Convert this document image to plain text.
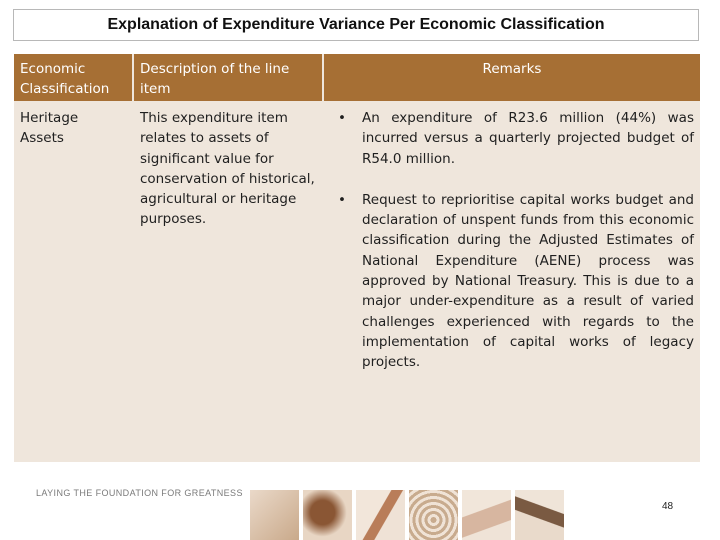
Explanation of Expenditure Variance Per Economic Classification
Economic Classification
Description of the line item
Remarks
Heritage Assets
This expenditure item relates to assets of significant value for conservation of historical, agricultural or heritage purposes.
• An expenditure of R23.6 million (44%) was incurred versus a quarterly projected budget of R54.0 million.
• Request to reprioritise capital works budget and declaration of unspent funds from this economic classification during the Adjusted Estimates of National Expenditure (AENE) process was approved by National Treasury. This is due to a major under-expenditure as a result of varied challenges experienced with regards to the implementation of capital works of legacy projects.
LAYING THE FOUNDATION FOR GREATNESS
48
